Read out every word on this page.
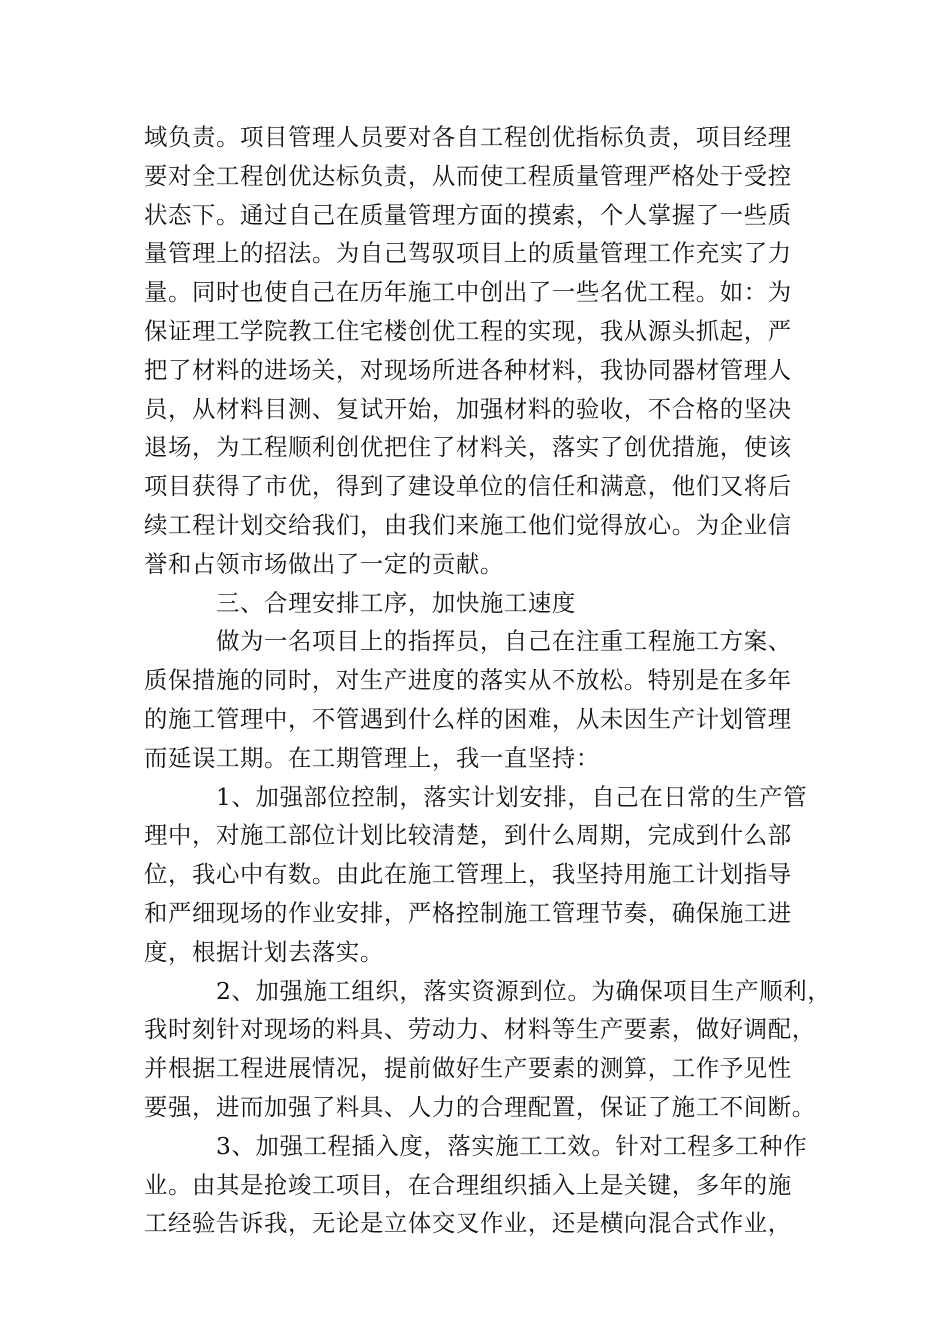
域负责。项目管理人员要对各自工程创优指标负责，项目经理
要对全工程创优达标负责，从而使工程质量管理严格处于受控
状态下。通过自己在质量管理方面的摸索，个人掌握了一些质
量管理上的招法。为自己驾驭项目上的质量管理工作充实了力
量。同时也使自己在历年施工中创出了一些名优工程。如：为
保证理工学院教工住宅楼创优工程的实现，我从源头抓起，严
把了材料的进场关，对现场所进各种材料，我协同器材管理人
员，从材料目测、复试开始，加强材料的验收，不合格的坚决
退场，为工程顺利创优把住了材料关，落实了创优措施，使该
项目获得了市优，得到了建设单位的信任和满意，他们又将后
续工程计划交给我们，由我们来施工他们觉得放心。为企业信
誉和占领市场做出了一定的贡献。
三、合理安排工序，加快施工速度
做为一名项目上的指挥员，自己在注重工程施工方案、
质保措施的同时，对生产进度的落实从不放松。特别是在多年
的施工管理中，不管遇到什么样的困难，从未因生产计划管理
而延误工期。在工期管理上，我一直坚持：
1、加强部位控制，落实计划安排，自己在日常的生产管
理中，对施工部位计划比较清楚，到什么周期，完成到什么部
位，我心中有数。由此在施工管理上，我坚持用施工计划指导
和严细现场的作业安排，严格控制施工管理节奏，确保施工进
度，根据计划去落实。
2、加强施工组织，落实资源到位。为确保项目生产顺利，
我时刻针对现场的料具、劳动力、材料等生产要素，做好调配，
并根据工程进展情况，提前做好生产要素的测算，工作予见性
要强，进而加强了料具、人力的合理配置，保证了施工不间断。
3、加强工程插入度，落实施工工效。针对工程多工种作
业。由其是抢竣工项目，在合理组织插入上是关键，多年的施
工经验告诉我，无论是立体交叉作业，还是横向混合式作业，
